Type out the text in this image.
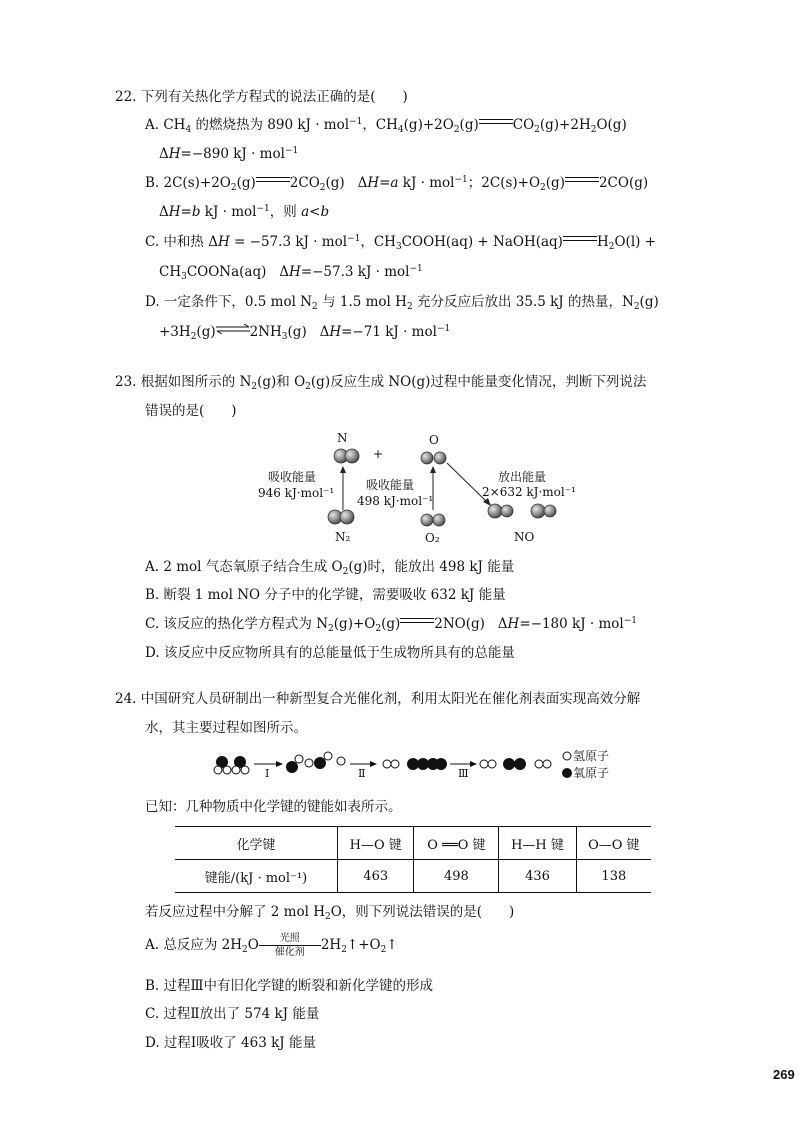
22. 下列有关热化学方程式的说法正确的是(　　)
A. $CH_4$ 的燃烧热为 890 kJ · mol$^{-1}$，$CH_4(g)+2O_2(g)$	$CO_2(g)+2H_2O(g)$
ΔH=−890 kJ · mol$^{-1}$
B. $2C(s)+2O_2(g)$	$2CO_2(g)$   ΔH=a kJ · mol$^{-1}$；$2C(s)+O_2(g)$	2CO(g)
ΔH=b kJ · mol$^{-1}$，则 a<b
C. 中和热 ΔH = −57.3 kJ · mol$^{-1}$，$CH_3COOH(aq)$ + NaOH(aq)	$H_2O(l)$ +
$CH_3COONa(aq)$   ΔH=−57.3 kJ · mol$^{-1}$
D. 一定条件下，0.5 mol $N_2$ 与 1.5 mol $H_2$ 充分反应后放出 35.5 kJ 的热量，$N_2(g)$
$+3H_2(g)$	$2NH_3(g)$   ΔH=−71 kJ · mol$^{-1}$
23. 根据如图所示的 $N_2(g)$和 $O_2(g)$反应生成 NO(g)过程中能量变化情况，判断下列说法
错误的是(　　)
N
+
O
吸收能量
946 kJ·mol⁻¹
吸收能量
498 kJ·mol⁻¹
放出能量
2×632 kJ·mol⁻¹
N₂	O₂	NO
A. 2 mol 气态氧原子结合生成 $O_2(g)$时，能放出 498 kJ 能量
B. 断裂 1 mol NO 分子中的化学键，需要吸收 632 kJ 能量
C. 该反应的热化学方程式为 $N_2(g)+O_2(g)$	2NO(g)   ΔH=−180 kJ · mol$^{-1}$
D. 该反应中反应物所具有的总能量低于生成物所具有的总能量
24. 中国研究人员研制出一种新型复合光催化剂，利用太阳光在催化剂表面实现高效分解
水，其主要过程如图所示。
Ⅰ	Ⅱ	Ⅲ
氢原子
氧原子
已知：几种物质中化学键的键能如表所示。
化学键	H—O 键	O ══O 键	H—H 键	O—O 键
键能/(kJ · mol⁻¹)	463	498	436	138
若反应过程中分解了 2 mol $H_2O$，则下列说法错误的是(　　)
A. 总反应为 $2H_2O \frac{\text{光照}}{\text{催化剂}}$ $2H_2↑+O_2↑$
B. 过程Ⅲ中有旧化学键的断裂和新化学键的形成
C. 过程Ⅱ放出了 574 kJ 能量
D. 过程Ⅰ吸收了 463 kJ 能量
269
